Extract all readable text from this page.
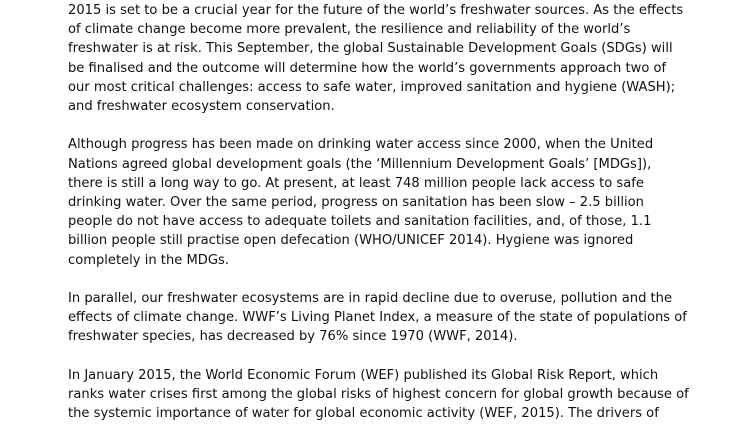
2015 is set to be a crucial year for the future of the world’s freshwater sources. As the effects
of climate change become more prevalent, the resilience and reliability of the world’s
freshwater is at risk. This September, the global Sustainable Development Goals (SDGs) will
be finalised and the outcome will determine how the world’s governments approach two of
our most critical challenges: access to safe water, improved sanitation and hygiene (WASH);
and freshwater ecosystem conservation.

Although progress has been made on drinking water access since 2000, when the United
Nations agreed global development goals (the ‘Millennium Development Goals’ [MDGs]),
there is still a long way to go. At present, at least 748 million people lack access to safe
drinking water. Over the same period, progress on sanitation has been slow – 2.5 billion
people do not have access to adequate toilets and sanitation facilities, and, of those, 1.1
billion people still practise open defecation (WHO/UNICEF 2014). Hygiene was ignored
completely in the MDGs.

In parallel, our freshwater ecosystems are in rapid decline due to overuse, pollution and the
effects of climate change. WWF’s Living Planet Index, a measure of the state of populations of
freshwater species, has decreased by 76% since 1970 (WWF, 2014).

In January 2015, the World Economic Forum (WEF) published its Global Risk Report, which
ranks water crises first among the global risks of highest concern for global growth because of
the systemic importance of water for global economic activity (WEF, 2015). The drivers of
